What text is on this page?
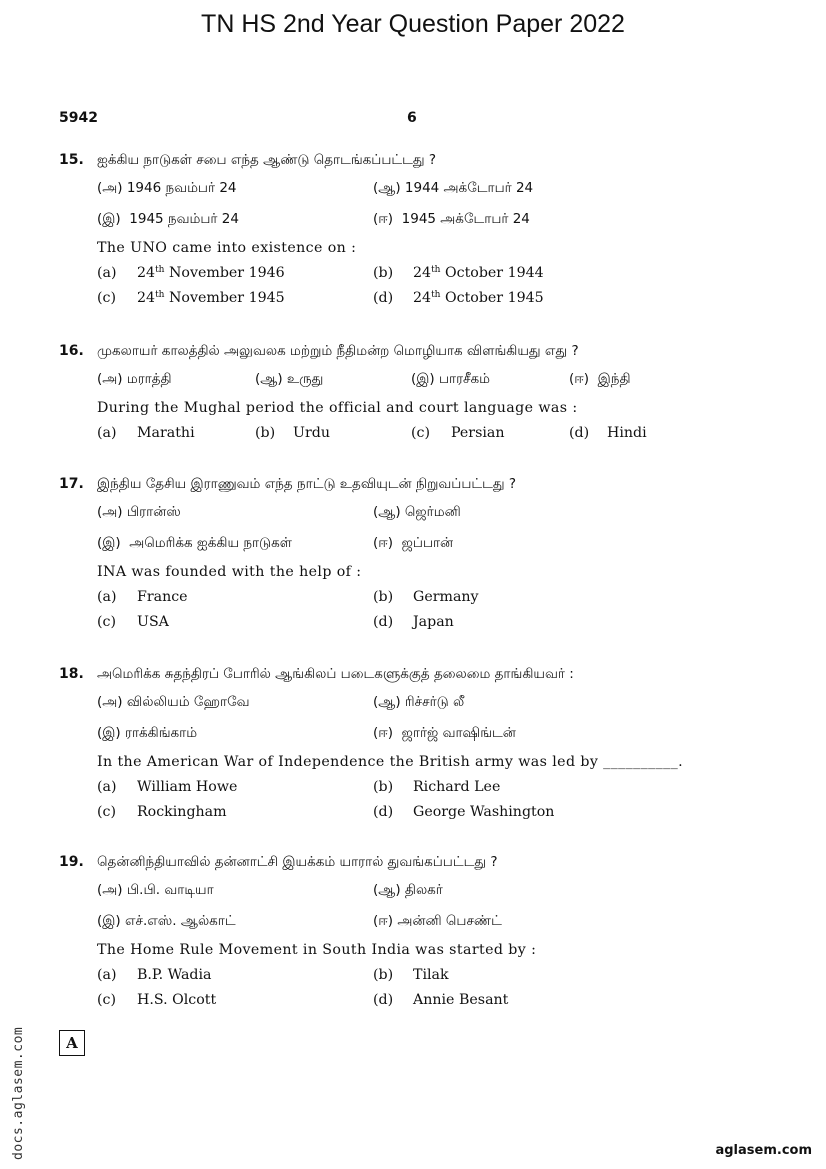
TN HS 2nd Year Question Paper 2022
5942	6
15. ஐக்கிய நாடுகள் சபை எந்த ஆண்டு தொடங்கப்பட்டது ?
(அ) 1946 நவம்பர் 24	(ஆ) 1944 அக்டோபர் 24
(இ) 1945 நவம்பர் 24	(ஈ) 1945 அக்டோபர் 24
The UNO came into existence on :
(a) 24th November 1946	(b) 24th October 1944
(c) 24th November 1945	(d) 24th October 1945
16. முகலாயர் காலத்தில் அலுவலக மற்றும் நீதிமன்ற மொழியாக விளங்கியது எது ?
(அ) மராத்தி	(ஆ) உருது	(இ) பாரசீகம்	(ஈ) இந்தி
During the Mughal period the official and court language was :
(a) Marathi	(b) Urdu	(c) Persian	(d) Hindi
17. இந்திய தேசிய இராணுவம் எந்த நாட்டு உதவியுடன் நிறுவப்பட்டது ?
(அ) பிரான்ஸ்	(ஆ) ஜெர்மனி
(இ) அமெரிக்க ஐக்கிய நாடுகள்	(ஈ) ஜப்பான்
INA was founded with the help of :
(a) France	(b) Germany
(c) USA	(d) Japan
18. அமெரிக்க சுதந்திரப் போரில் ஆங்கிலப் படைகளுக்குத் தலைமை தாங்கியவர் :
(அ) வில்லியம் ஹோவே	(ஆ) ரிச்சர்டு லீ
(இ) ராக்கிங்காம்	(ஈ) ஜார்ஜ் வாஷிங்டன்
In the American War of Independence the British army was led by __________.
(a) William Howe	(b) Richard Lee
(c) Rockingham	(d) George Washington
19. தென்னிந்தியாவில் தன்னாட்சி இயக்கம் யாரால் துவங்கப்பட்டது ?
(அ) பி.பி. வாடியா	(ஆ) திலகர்
(இ) எச்.எஸ். ஆல்காட்	(ஈ) அன்னி பெசண்ட்
The Home Rule Movement in South India was started by :
(a) B.P. Wadia	(b) Tilak
(c) H.S. Olcott	(d) Annie Besant
A
docs.aglasem.com	aglasem.com
